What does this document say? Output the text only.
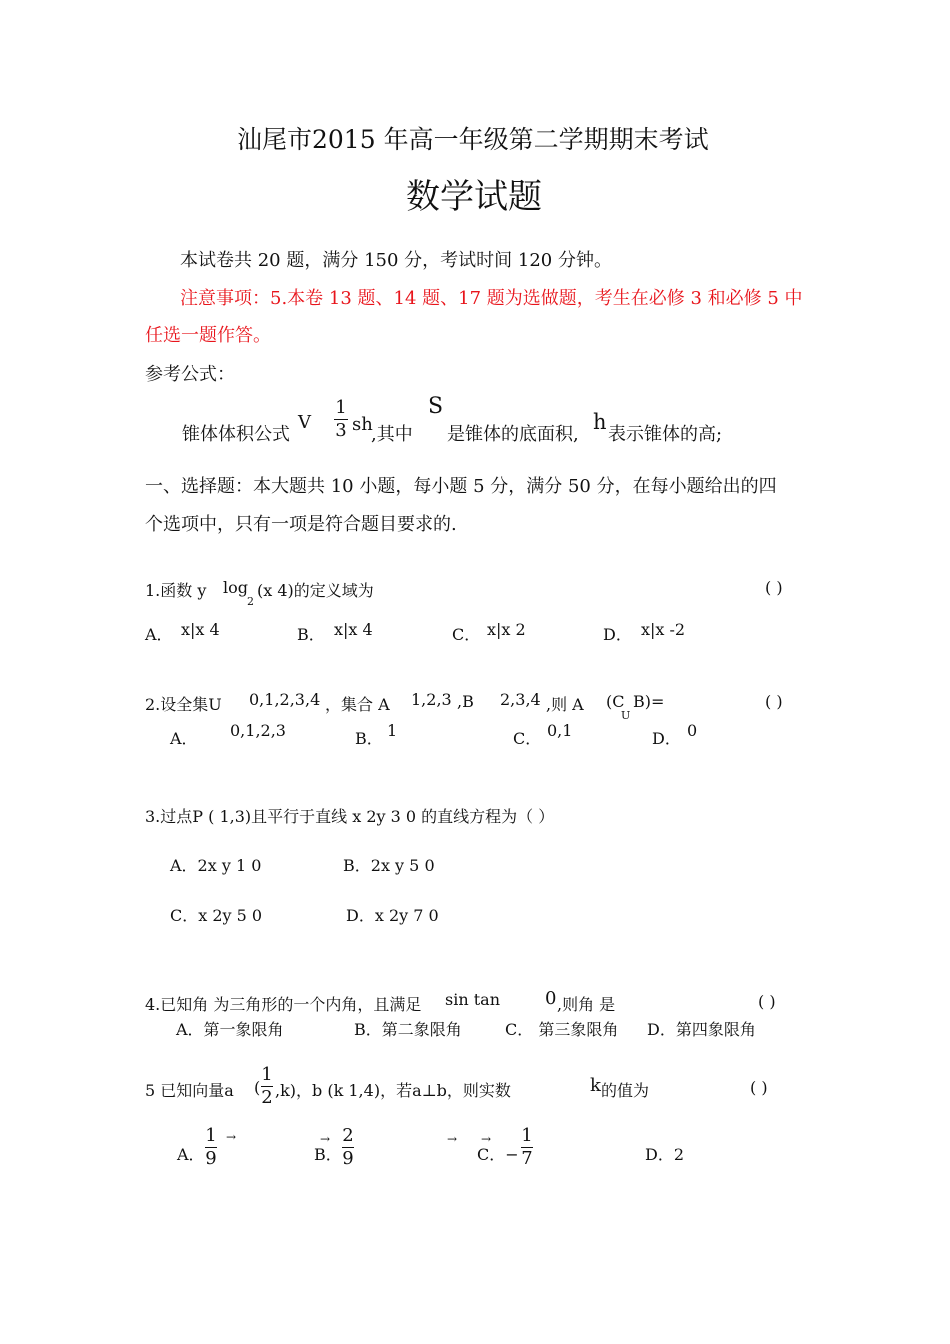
汕尾市2015 年高一年级第二学期期末考试
数学试题
本试卷共 20 题，满分 150 分，考试时间 120 分钟。
注意事项：5.本卷 13 题、14 题、17 题为选做题，考生在必修 3 和必修 5 中
任选一题作答。
参考公式：
锥体体积公式
V
1
3 sh
,其中
S
是锥体的底面积,
h
表示锥体的高;
一、选择题：本大题共 10 小题，每小题 5 分，满分 50 分，在每小题给出的四
个选项中，只有一项是符合题目要求的.
1.函数 y log
2
(x 4)的定义域为	( )
A． x|x 4	B． x|x 4	C． x|x 2	D． x|x -2
2.设全集U 0,1,2,3,4 ，集合 A 1,2,3 ,B 2,3,4 ,则 A (C
U
B)=	( )
A． 0,1,2,3	B． 1	C． 0,1	D． 0
3.过点P ( 1,3)且平行于直线 x 2y 3 0 的直线方程为（ ）
A．2x y 1 0	B．2x y 5 0
C．x 2y 5 0	D．x 2y 7 0
4.已知角 为三角形的一个内角，且满足 sin tan	0 ,则角 是	( )
A．第一象限角	B．第二象限角	C． 第三象限角 D．第四象限角
5 已知向量a (
1
2 ,k)，b (k 1,4)，若a⊥b，则实数	k 的值为	( )
A．
1
9
→	→
B．
2
9
→ →
C．−
1
7	D．2
